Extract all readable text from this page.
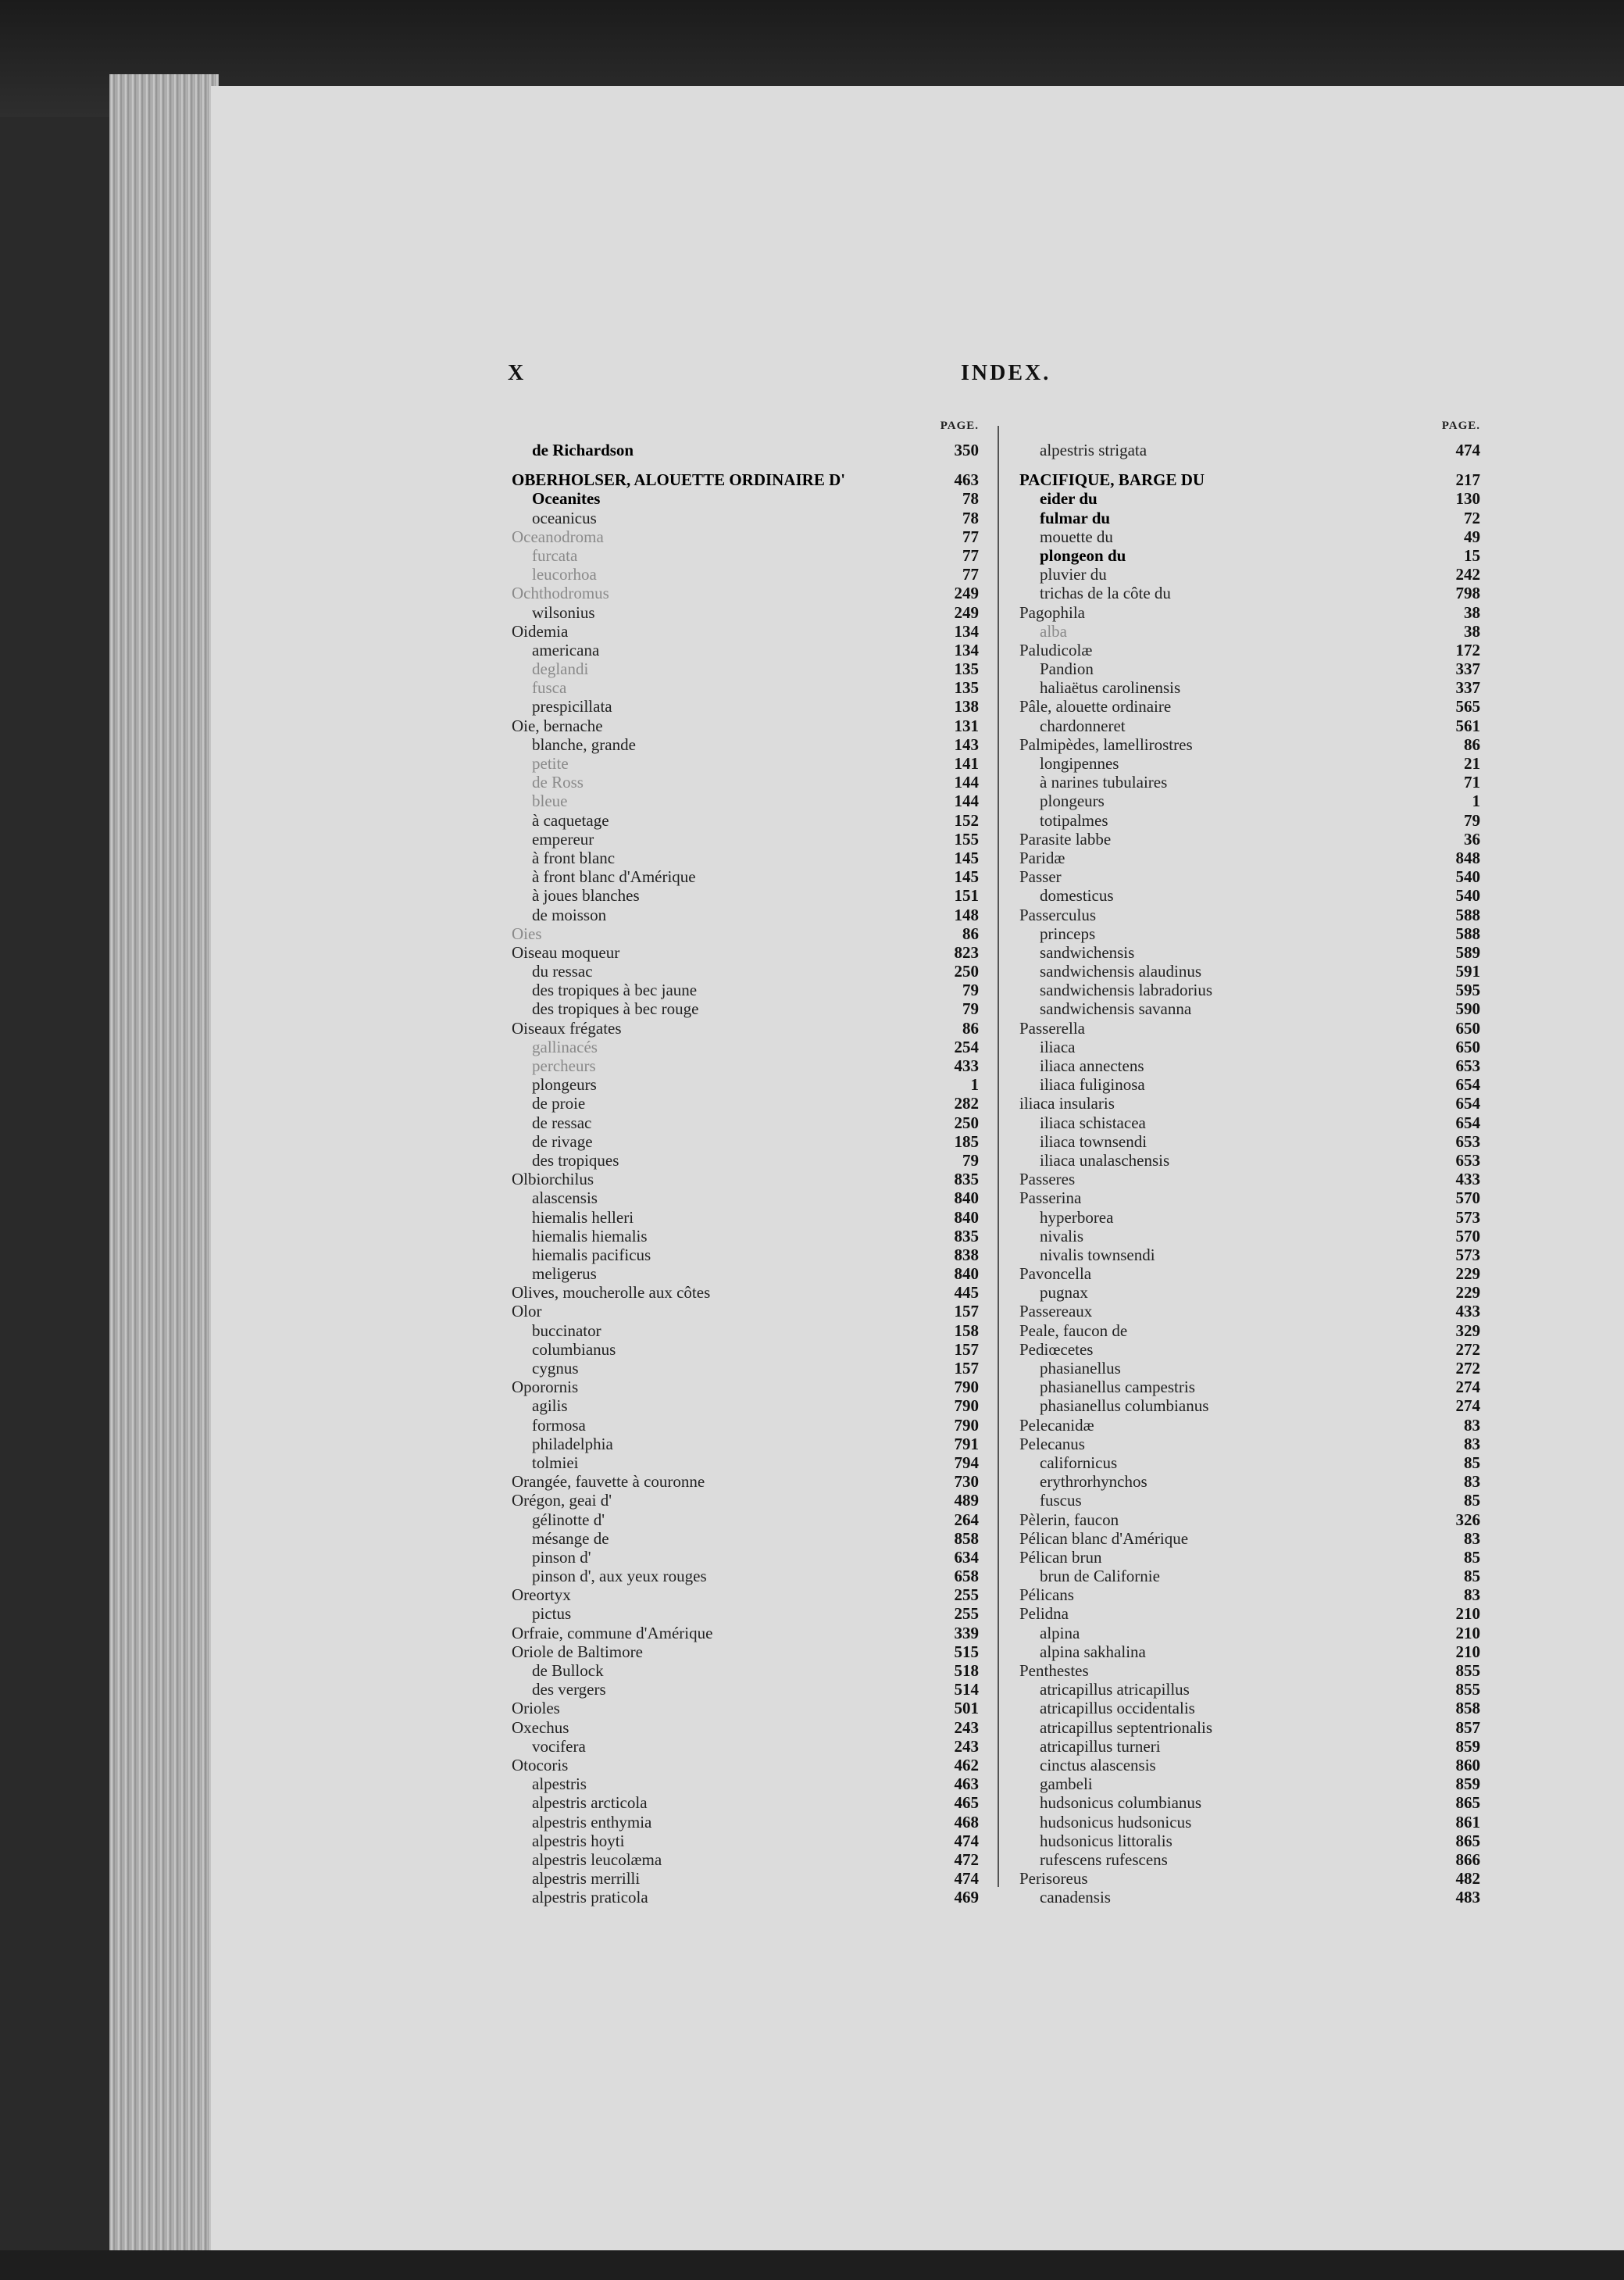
X	INDEX.
PAGE.
de Richardson	350
OBERHOLSER, ALOUETTE ORDINAIRE D'	463
Oceanites	78
oceanicus	78
Oceanodroma	77
furcata	77
leucorhoa	77
Ochthodromus	249
wilsonius	249
Oidemia	134
americana	134
deglandi	135
fusca	135
prespicillata	138
Oie, bernache	131
blanche, grande	143
petite	141
de Ross	144
bleue	144
à caquetage	152
empereur	155
à front blanc	145
à front blanc d'Amérique	145
à joues blanches	151
de moisson	148
Oies	86
Oiseau moqueur	823
du ressac	250
des tropiques à bec jaune	79
des tropiques à bec rouge	79
Oiseaux frégates	86
gallinacés	254
percheurs	433
plongeurs	1
de proie	282
de ressac	250
de rivage	185
des tropiques	79
Olbiorchilus	835
alascensis	840
hiemalis helleri	840
hiemalis hiemalis	835
hiemalis pacificus	838
meligerus	840
Olives, moucherolle aux côtes	445
Olor	157
buccinator	158
columbianus	157
cygnus	157
Oporornis	790
agilis	790
formosa	790
philadelphia	791
tolmiei	794
Orangée, fauvette à couronne	730
Orégon, geai d'	489
gélinotte d'	264
mésange de	858
pinson d'	634
pinson d', aux yeux rouges	658
Oreortyx	255
pictus	255
Orfraie, commune d'Amérique	339
Oriole de Baltimore	515
de Bullock	518
des vergers	514
Orioles	501
Oxechus	243
vocifera	243
Otocoris	462
alpestris	463
alpestris arcticola	465
alpestris enthymia	468
alpestris hoyti	474
alpestris leucolæma	472
alpestris merrilli	474
alpestris praticola	469
PAGE.
alpestris strigata	474
PACIFIQUE, BARGE DU	217
eider du	130
fulmar du	72
mouette du	49
plongeon du	15
pluvier du	242
trichas de la côte du	798
Pagophila	38
alba	38
Paludicolæ	172
Pandion	337
haliaëtus carolinensis	337
Pâle, alouette ordinaire	565
chardonneret	561
Palmipèdes, lamellirostres	86
longipennes	21
à narines tubulaires	71
plongeurs	1
totipalmes	79
Parasite labbe	36
Paridæ	848
Passer	540
domesticus	540
Passerculus	588
princeps	588
sandwichensis	589
sandwichensis alaudinus	591
sandwichensis labradorius	595
sandwichensis savanna	590
Passerella	650
iliaca	650
iliaca annectens	653
iliaca fuliginosa	654
iliaca insularis	654
iliaca schistacea	654
iliaca townsendi	653
iliaca unalaschensis	653
Passeres	433
Passerina	570
hyperborea	573
nivalis	570
nivalis townsendi	573
Pavoncella	229
pugnax	229
Passereaux	433
Peale, faucon de	329
Pediœcetes	272
phasianellus	272
phasianellus campestris	274
phasianellus columbianus	274
Pelecanidæ	83
Pelecanus	83
californicus	85
erythrorhynchos	83
fuscus	85
Pèlerin, faucon	326
Pélican blanc d'Amérique	83
Pélican brun	85
brun de Californie	85
Pélicans	83
Pelidna	210
alpina	210
alpina sakhalina	210
Penthestes	855
atricapillus atricapillus	855
atricapillus occidentalis	858
atricapillus septentrionalis	857
atricapillus turneri	859
cinctus alascensis	860
gambeli	859
hudsonicus columbianus	865
hudsonicus hudsonicus	861
hudsonicus littoralis	865
rufescens rufescens	866
Perisoreus	482
canadensis	483
